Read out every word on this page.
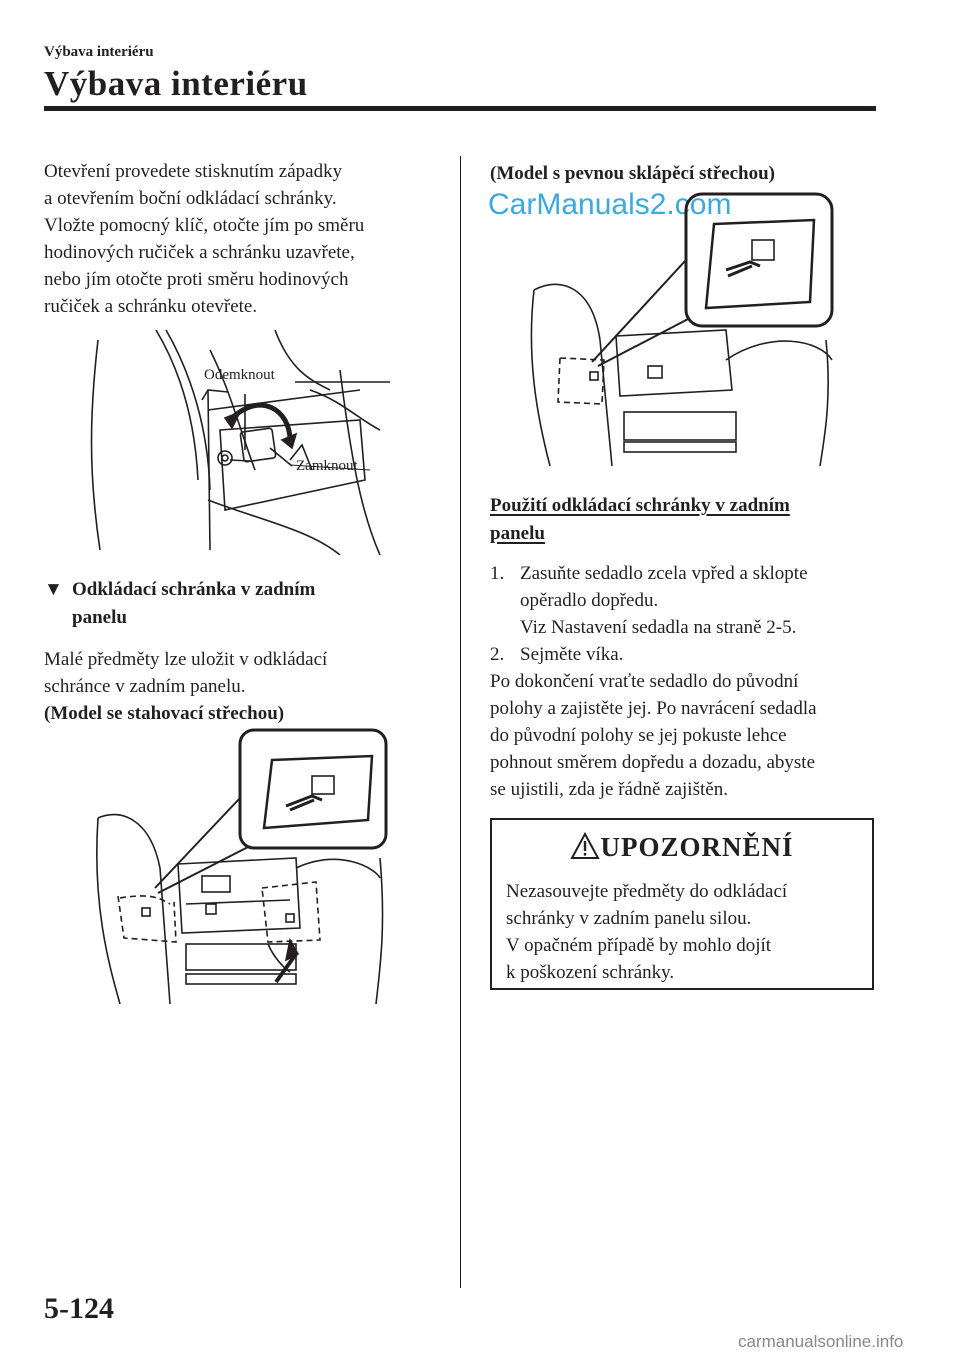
Výbava interiéru
Výbava interiéru
Otevření provedete stisknutím západky
a otevřením boční odkládací schránky.
Vložte pomocný klíč, otočte jím po směru
hodinových ručiček a schránku uzavřete,
nebo jím otočte proti směru hodinových
ručiček a schránku otevřete.
Odemknout
Zamknout
▼ Odkládací schránka v zadním
panelu
Malé předměty lze uložit v odkládací
schránce v zadním panelu.
(Model se stahovací střechou)
(Model s pevnou sklápěcí střechou)
CarManuals2.com
Použití odkládací schránky v zadním
panelu
1. Zasuňte sedadlo zcela vpřed a sklopte
opěradlo dopředu.
Viz Nastavení sedadla na straně 2-5.
2. Sejměte víka.
Po dokončení vraťte sedadlo do původní
polohy a zajistěte jej. Po navrácení sedadla
do původní polohy se jej pokuste lehce
pohnout směrem dopředu a dozadu, abyste
se ujistili, zda je řádně zajištěn.
UPOZORNĚNÍ
Nezasouvejte předměty do odkládací
schránky v zadním panelu silou.
V opačném případě by mohlo dojít
k poškození schránky.
5-124
carmanualsonline.info
